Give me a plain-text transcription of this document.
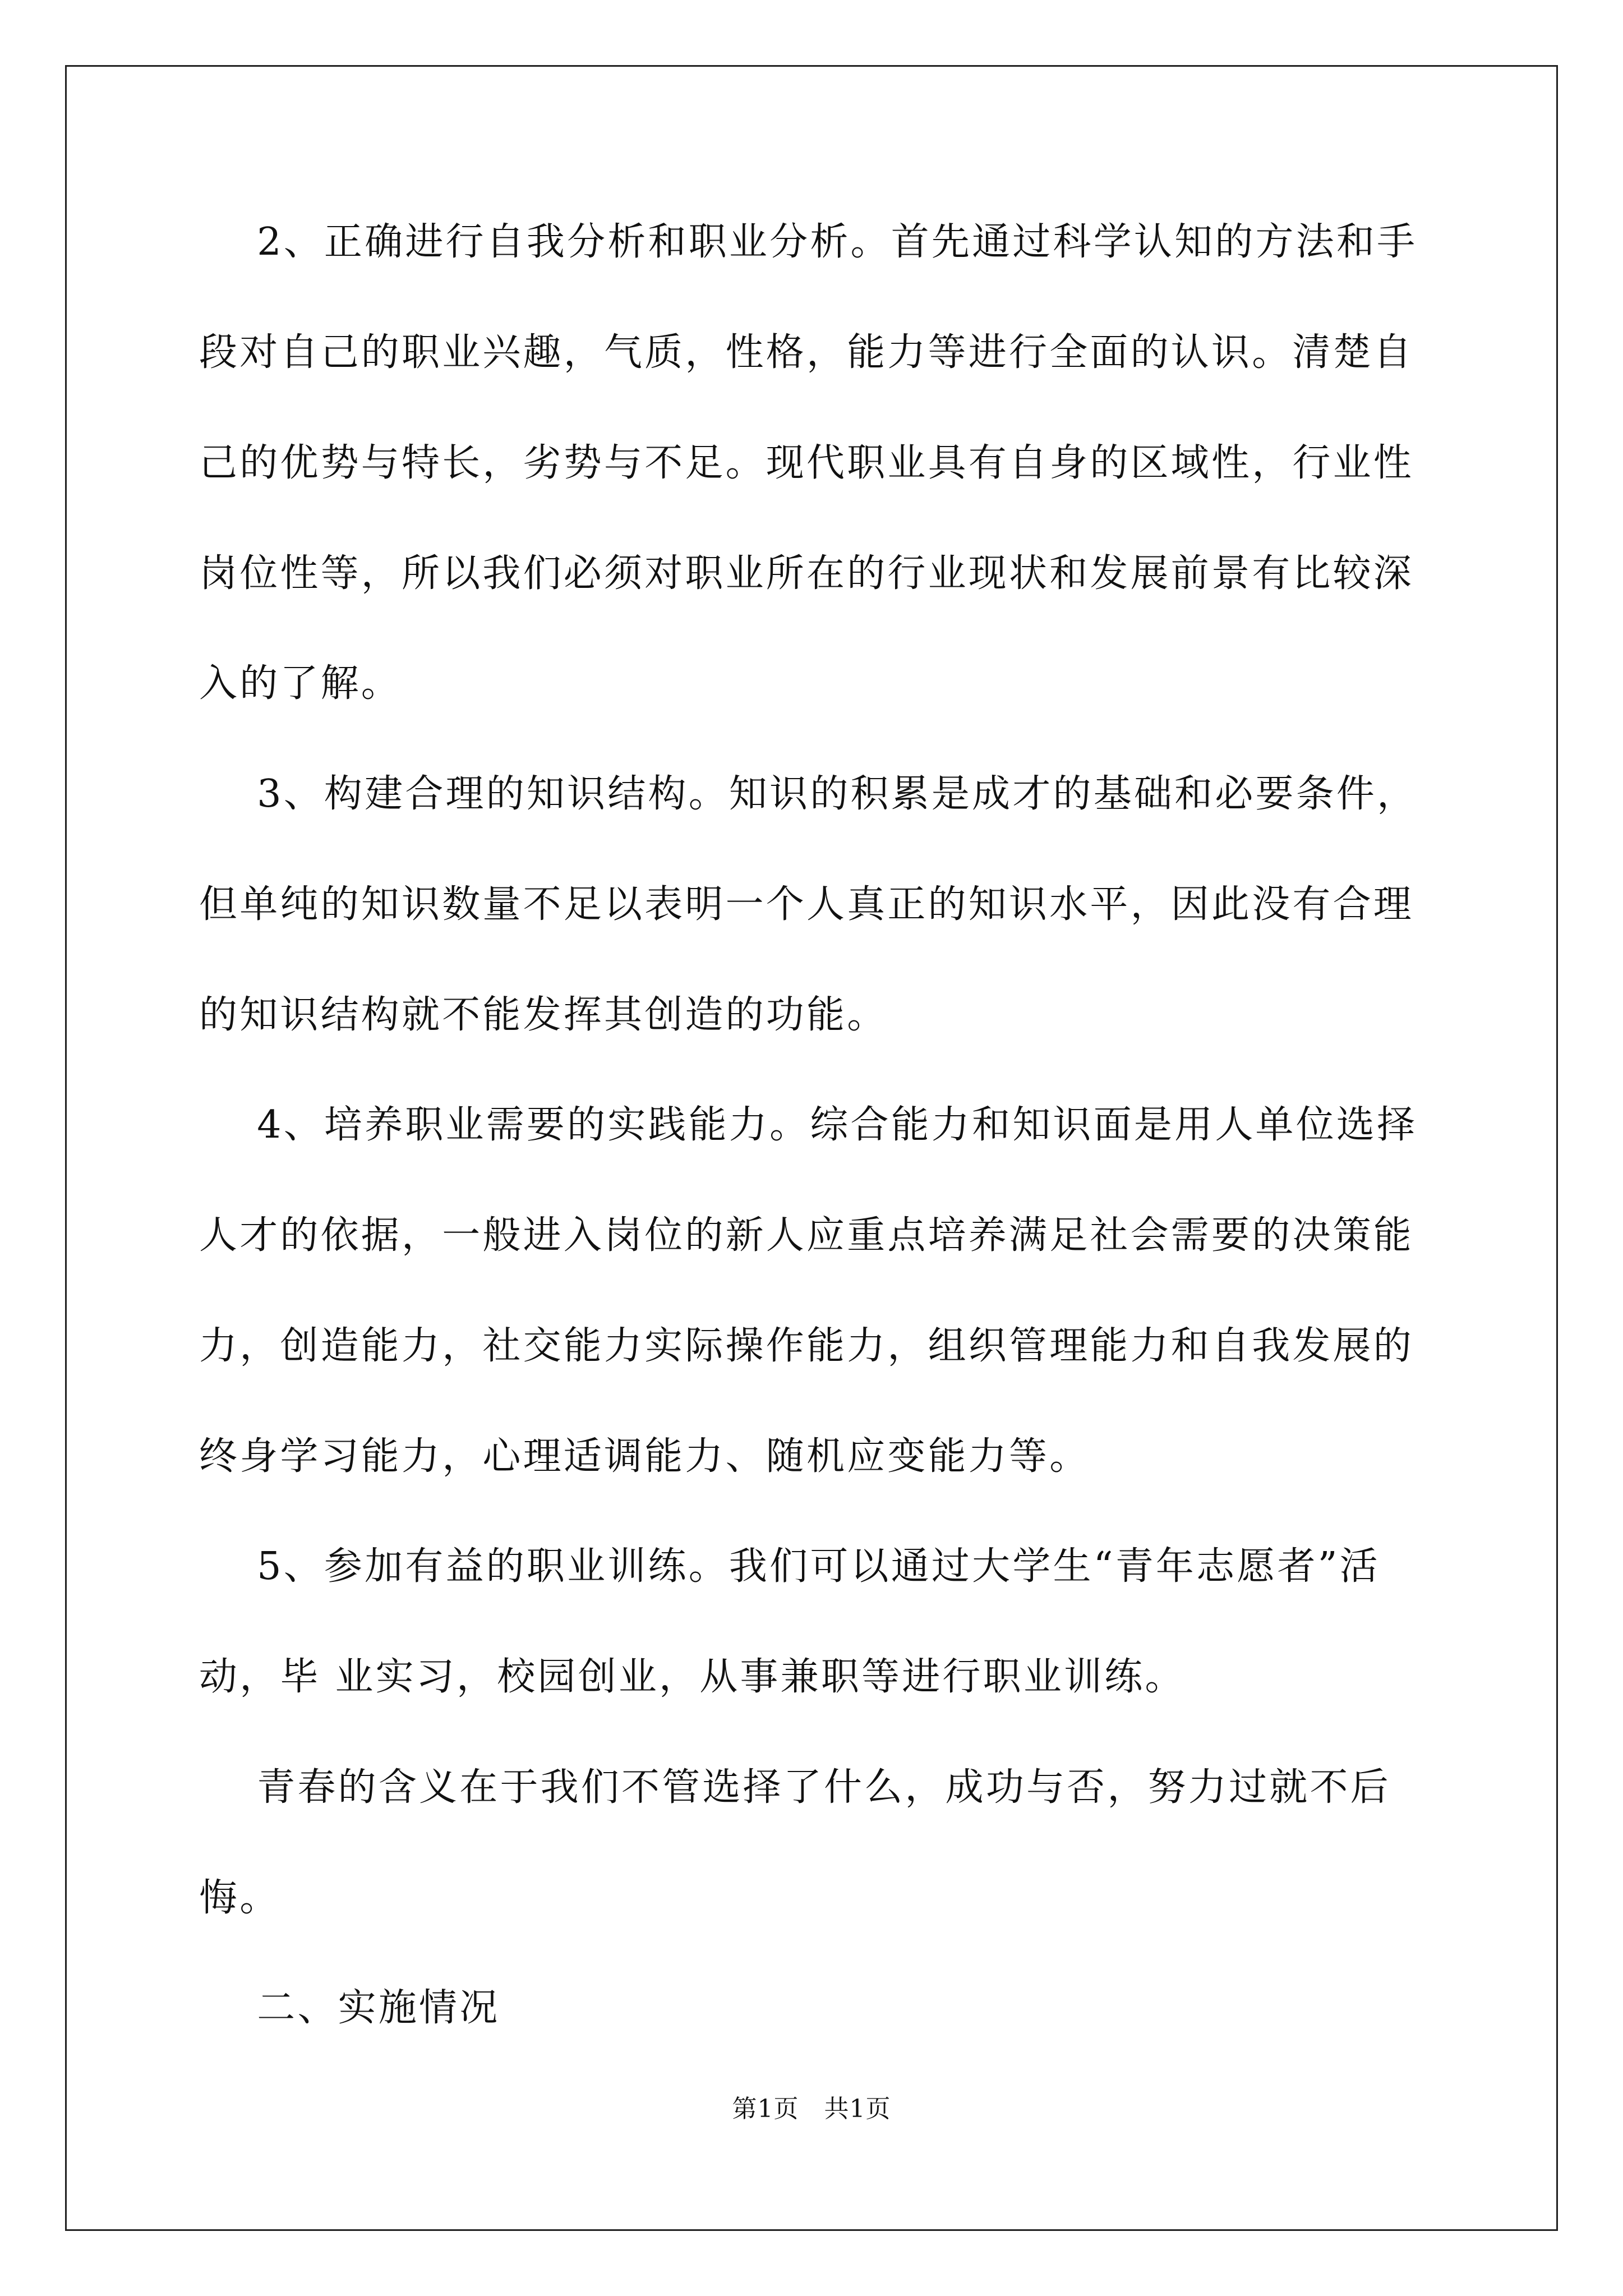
2、正确进行自我分析和职业分析。首先通过科学认知的方法和手
段对自己的职业兴趣，气质，性格，能力等进行全面的认识。清楚自
己的优势与特长，劣势与不足。现代职业具有自身的区域性，行业性
岗位性等，所以我们必须对职业所在的行业现状和发展前景有比较深
入的了解。
3、构建合理的知识结构。知识的积累是成才的基础和必要条件，
但单纯的知识数量不足以表明一个人真正的知识水平，因此没有合理
的知识结构就不能发挥其创造的功能。
4、培养职业需要的实践能力。综合能力和知识面是用人单位选择
人才的依据，一般进入岗位的新人应重点培养满足社会需要的决策能
力，创造能力，社交能力实际操作能力，组织管理能力和自我发展的
终身学习能力，心理适调能力、随机应变能力等。
5、参加有益的职业训练。我们可以通过大学生“青年志愿者”活
动，毕 业实习，校园创业，从事兼职等进行职业训练。
青春的含义在于我们不管选择了什么，成功与否，努力过就不后
悔。
二、实施情况
第1页　共1页
